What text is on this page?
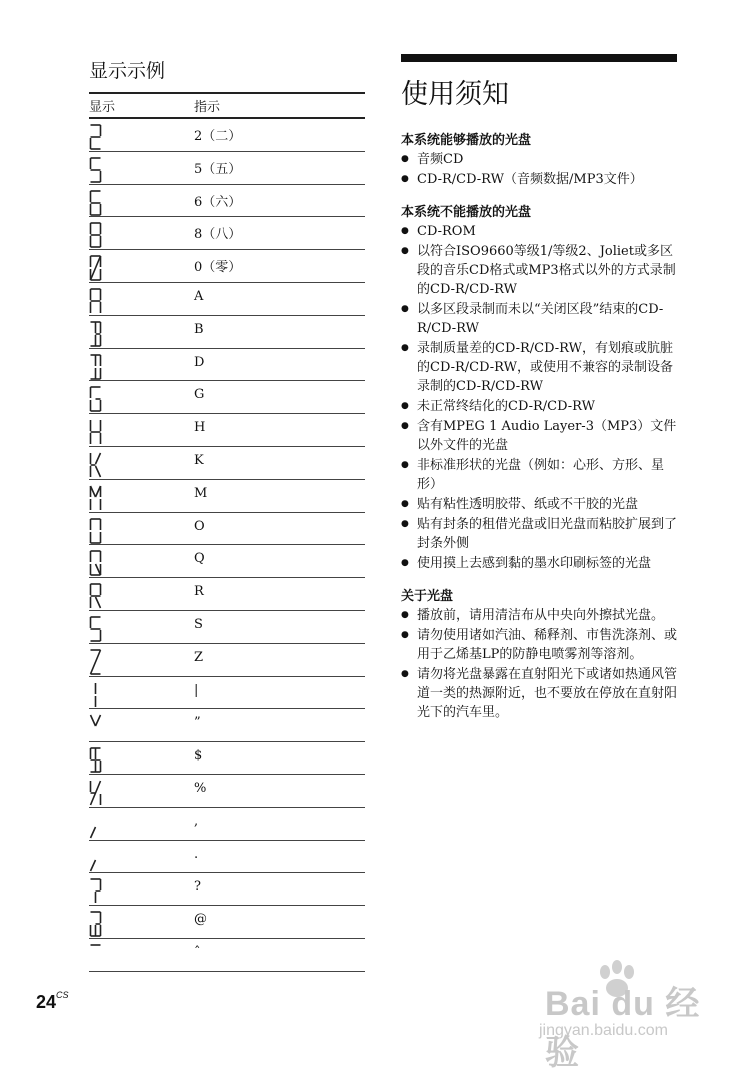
显示示例
显示	指示
2（二）
5（五）
6（六）
8（八）
0（零）
A
B
D
G
H
K
M
O
Q
R
S
Z
|
”
$
%
,
.
?
@
ˆ
$24^{CS}$
使用须知
本系统能够播放的光盘
● 音频CD
● CD-R/CD-RW（音频数据/MP3文件）
本系统不能播放的光盘
● CD-ROM
● 以符合ISO9660等级1/等级2、Joliet或多区段的音乐CD格式或MP3格式以外的方式录制的CD-R/CD-RW
● 以多区段录制而未以“关闭区段”结束的CD-R/CD-RW
● 录制质量差的CD-R/CD-RW，有划痕或肮脏的CD-R/CD-RW，或使用不兼容的录制设备录制的CD-R/CD-RW
● 未正常终结化的CD-R/CD-RW
● 含有MPEG 1 Audio Layer-3（MP3）文件以外文件的光盘
● 非标准形状的光盘（例如：心形、方形、星形）
● 贴有粘性透明胶带、纸或不干胶的光盘
● 贴有封条的租借光盘或旧光盘而粘胶扩展到了封条外侧
● 使用摸上去感到黏的墨水印刷标签的光盘
关于光盘
● 播放前，请用清洁布从中央向外擦拭光盘。
● 请勿使用诸如汽油、稀释剂、市售洗涤剂、或用于乙烯基LP的防静电喷雾剂等溶剂。
● 请勿将光盘暴露在直射阳光下或诸如热通风管道一类的热源附近，也不要放在停放在直射阳光下的汽车里。
Bai du 经验
jingyan.baidu.com
